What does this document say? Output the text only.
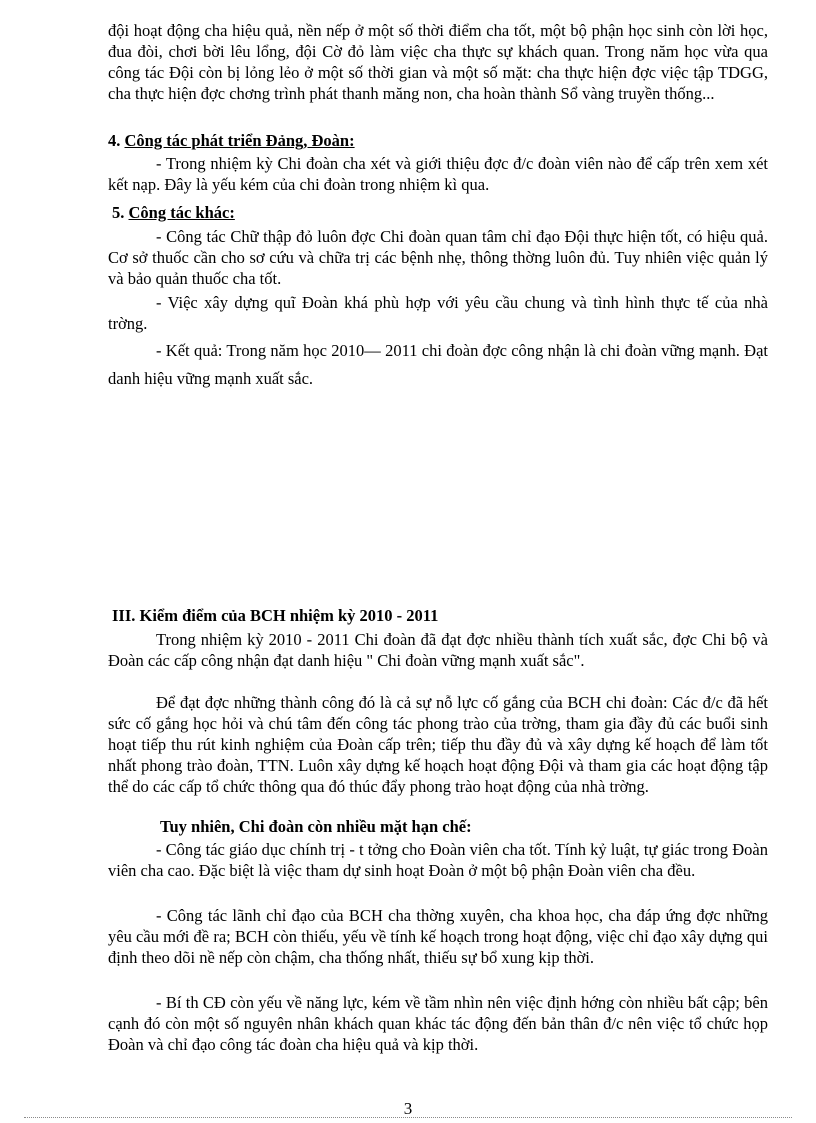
đội hoạt động cha hiệu quả, nền nếp ở một số thời điểm cha tốt, một bộ phận học sinh còn lời học, đua đòi, chơi bời lêu lổng, đội Cờ đỏ làm việc cha thực sự khách quan. Trong năm học vừa qua công tác Đội còn bị lỏng lẻo ở một số thời gian và một số mặt: cha thực hiện đợc việc tập TDGG, cha thực hiện đợc chơng trình phát thanh măng non, cha hoàn thành Sổ vàng truyền thống...

4. Công tác phát triển Đảng, Đoàn:

- Trong nhiệm kỳ Chi đoàn cha xét và giới thiệu đợc đ/c đoàn viên nào để cấp trên xem xét kết nạp. Đây là yếu kém của chi đoàn trong nhiệm kì qua.

5. Công tác khác:

- Công tác Chữ thập đỏ luôn đợc Chi đoàn quan tâm chỉ đạo Đội thực hiện tốt, có hiệu quả. Cơ sở thuốc cần cho sơ cứu và chữa trị các bệnh nhẹ, thông thờng luôn đủ. Tuy nhiên việc quản lý và bảo quản thuốc cha tốt.

- Việc xây dựng quĩ Đoàn khá phù hợp với yêu cầu chung và tình hình thực tế của nhà trờng.

- Kết quả: Trong năm học 2010— 2011 chi đoàn đợc công nhận là chi đoàn vững mạnh. Đạt danh hiệu vững mạnh xuất sắc.

III. Kiểm điểm của BCH nhiệm kỳ 2010 - 2011

Trong nhiệm kỳ 2010 - 2011 Chi đoàn đã đạt đợc nhiều thành tích xuất sắc, đợc Chi bộ và Đoàn các cấp công nhận đạt danh hiệu " Chi đoàn vững mạnh xuất sắc".

Để đạt đợc những thành công đó là cả sự nỗ lực cố gắng của BCH chi đoàn: Các đ/c đã hết sức cố gắng học hỏi và chú tâm đến công tác phong trào của trờng, tham gia đầy đủ các buổi sinh hoạt tiếp thu rút kinh nghiệm của Đoàn cấp trên; tiếp thu đầy đủ và xây dựng kế hoạch để làm tốt nhất phong trào đoàn, TTN. Luôn xây dựng kế hoạch hoạt động Đội và tham gia các hoạt động tập thể do các cấp tổ chức thông qua đó thúc đẩy phong trào hoạt động của nhà trờng.

Tuy nhiên, Chi đoàn còn nhiều mặt hạn chế:

- Công tác giáo dục chính trị - t tởng cho Đoàn viên cha tốt. Tính kỷ luật, tự giác trong Đoàn viên cha cao. Đặc biệt là việc tham dự sinh hoạt Đoàn ở một bộ phận Đoàn viên cha đều.

- Công tác lãnh chỉ đạo của BCH cha thờng xuyên, cha khoa học, cha đáp ứng đợc những yêu cầu mới đề ra; BCH còn thiếu, yếu về tính kế hoạch trong hoạt động, việc chỉ đạo xây dựng qui định theo dõi nề nếp còn chậm, cha thống nhất, thiếu sự bổ xung kịp thời.

- Bí th CĐ còn yếu về năng lực, kém về tầm nhìn nên việc định hớng còn nhiều bất cập; bên cạnh đó còn một số nguyên nhân khách quan khác tác động đến bản thân đ/c nên việc tổ chức họp Đoàn và chỉ đạo công tác đoàn cha hiệu quả và kịp thời.

3
